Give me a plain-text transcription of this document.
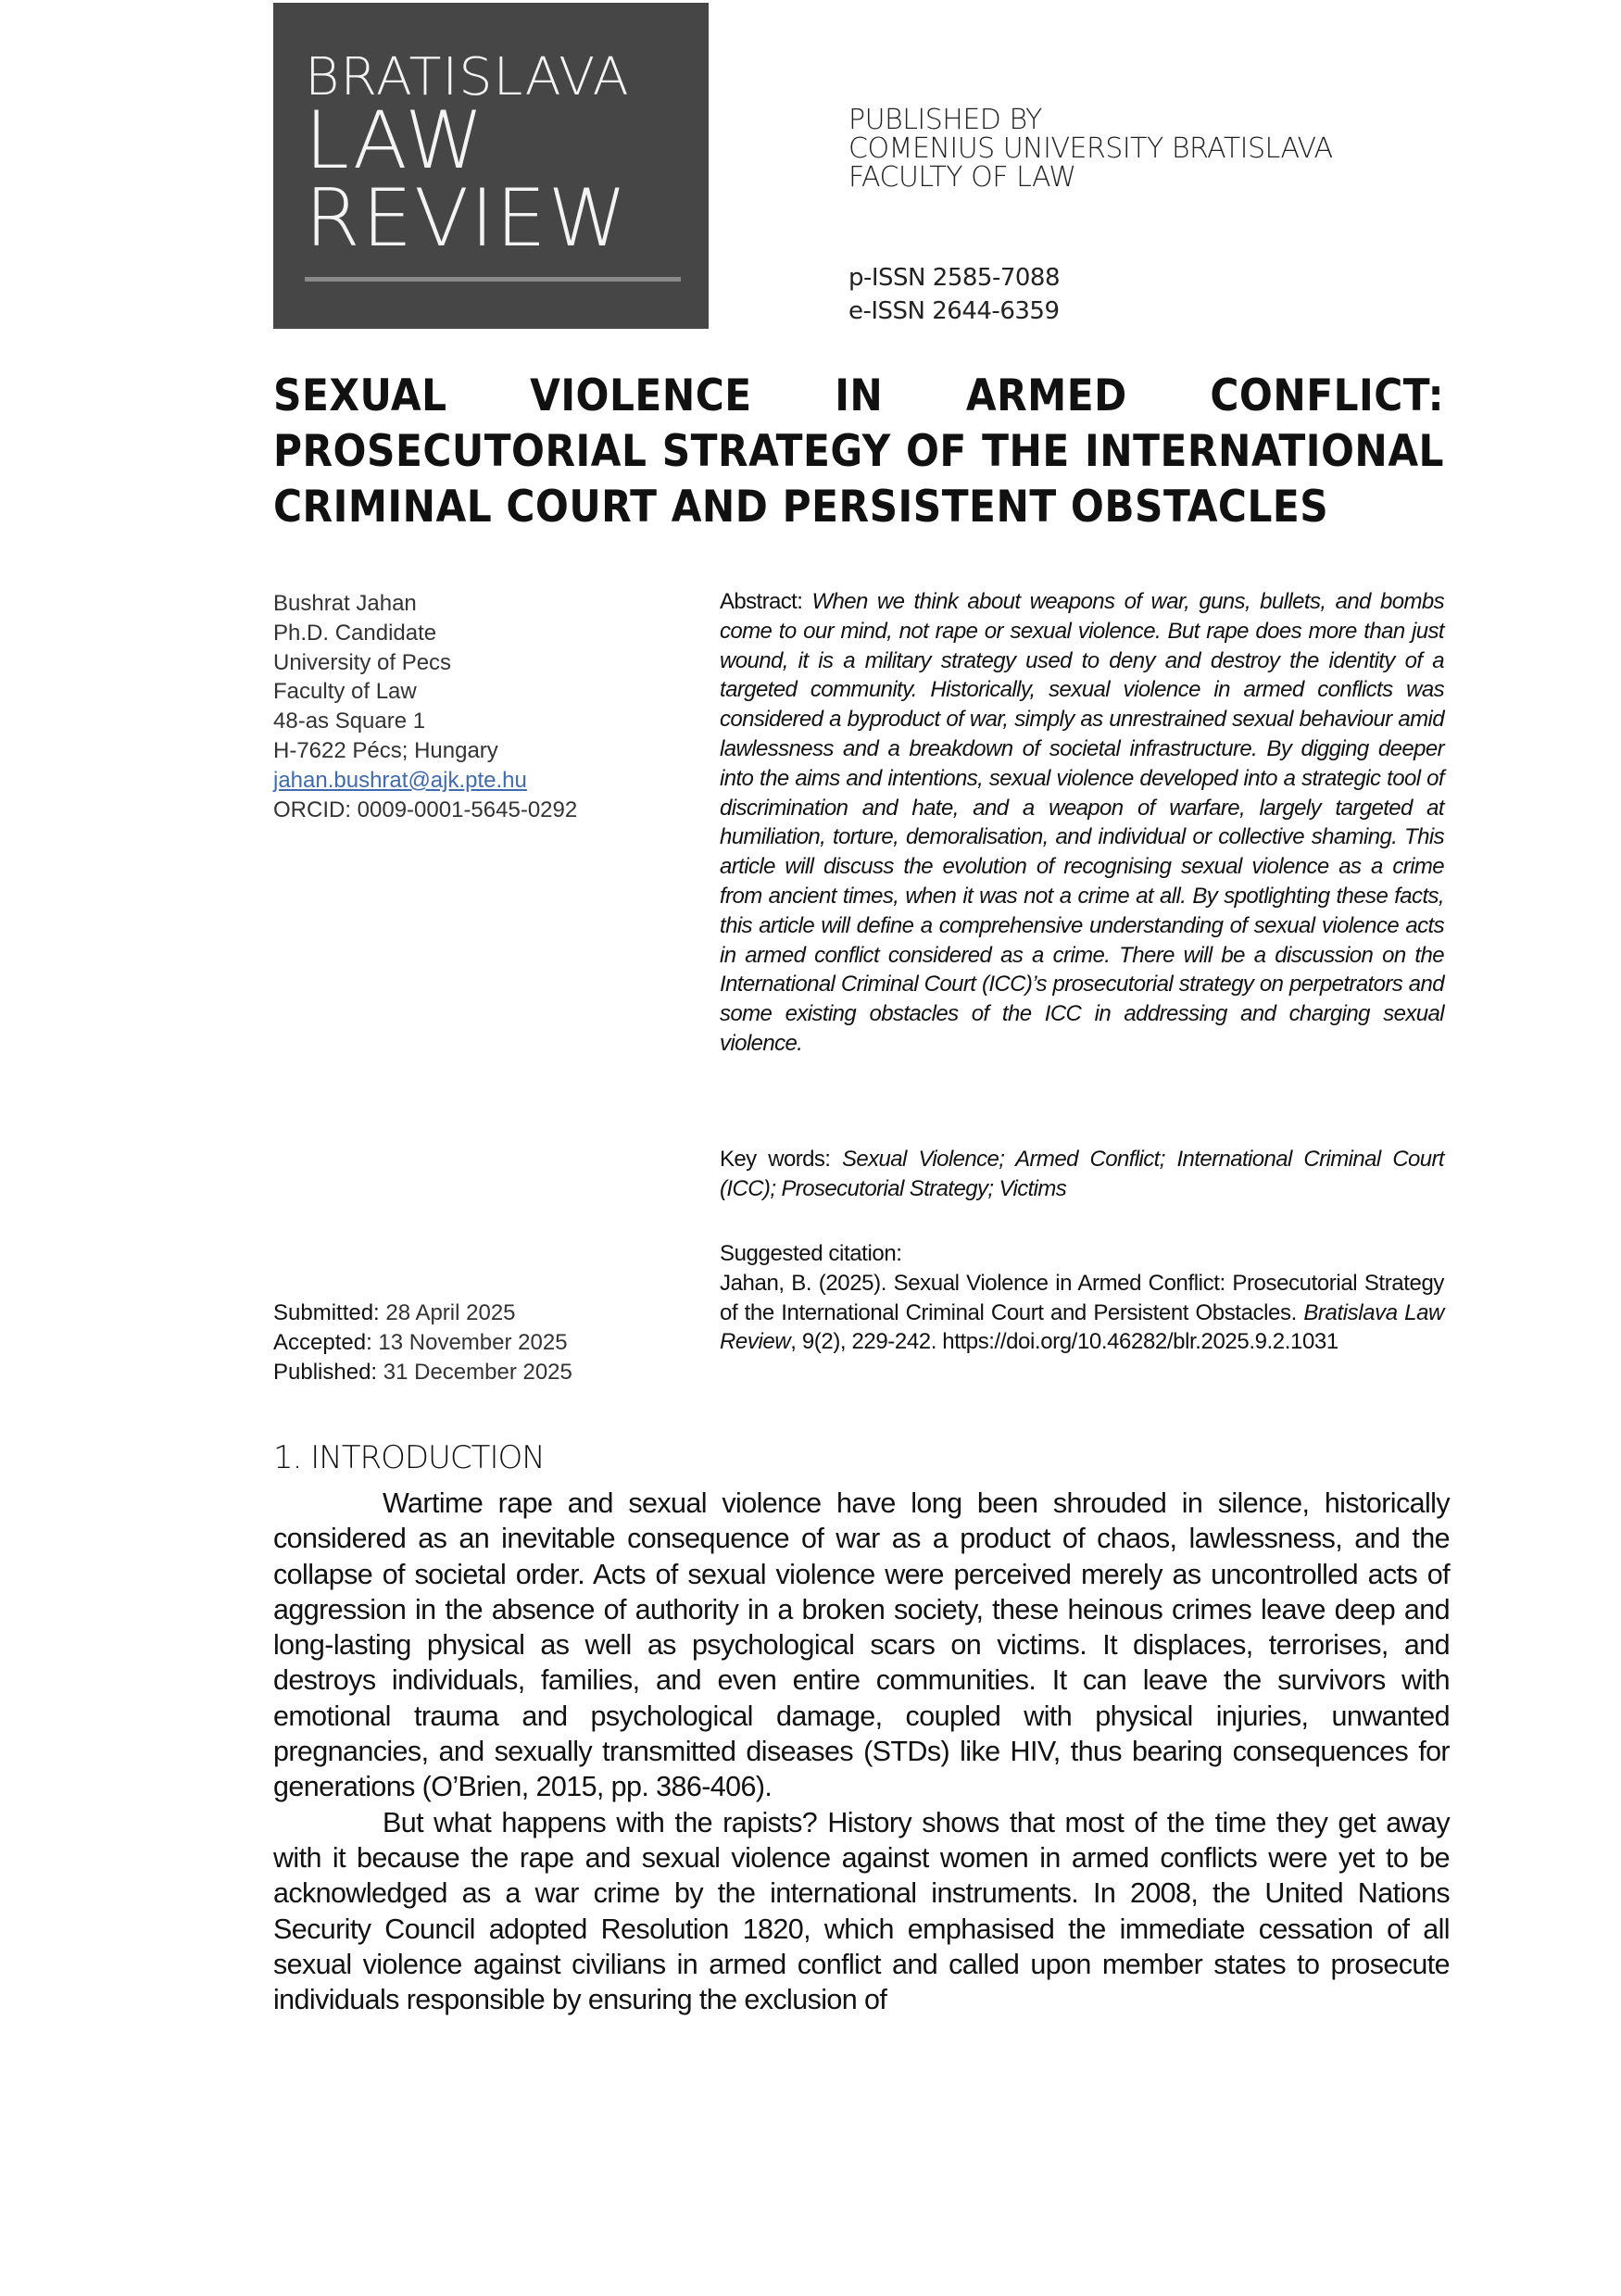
BRATISLAVA
LAW
REVIEW
PUBLISHED BY
COMENIUS UNIVERSITY BRATISLAVA
FACULTY OF LAW
p-ISSN 2585-7088
e-ISSN 2644-6359
SEXUAL VIOLENCE IN ARMED CONFLICT:
PROSECUTORIAL STRATEGY OF THE INTERNATIONAL
CRIMINAL COURT AND PERSISTENT OBSTACLES
Bushrat Jahan
Ph.D. Candidate
University of Pecs
Faculty of Law
48-as Square 1
H-7622 Pécs; Hungary
jahan.bushrat@ajk.pte.hu
ORCID: 0009-0001-5645-0292
Abstract: When we think about weapons of war, guns, bullets, and bombs come to our mind, not rape or sexual violence. But rape does more than just wound, it is a military strategy used to deny and destroy the identity of a targeted community. Historically, sexual violence in armed conflicts was considered a byproduct of war, simply as unrestrained sexual behaviour amid lawlessness and a breakdown of societal infrastructure. By digging deeper into the aims and intentions, sexual violence developed into a strategic tool of discrimination and hate, and a weapon of warfare, largely targeted at humiliation, torture, demoralisation, and individual or collective shaming. This article will discuss the evolution of recognising sexual violence as a crime from ancient times, when it was not a crime at all. By spotlighting these facts, this article will define a comprehensive understanding of sexual violence acts in armed conflict considered as a crime. There will be a discussion on the International Criminal Court (ICC)’s prosecutorial strategy on perpetrators and some existing obstacles of the ICC in addressing and charging sexual violence.
Key words: Sexual Violence; Armed Conflict; International Criminal Court (ICC); Prosecutorial Strategy; Victims
Suggested citation:
Jahan, B. (2025). Sexual Violence in Armed Conflict: Prosecutorial Strategy of the International Criminal Court and Persistent Obstacles. Bratislava Law Review, 9(2), 229-242. https://doi.org/10.46282/blr.2025.9.2.1031
Submitted: 28 April 2025
Accepted: 13 November 2025
Published: 31 December 2025
1. INTRODUCTION

Wartime rape and sexual violence have long been shrouded in silence, historically considered as an inevitable consequence of war as a product of chaos, lawlessness, and the collapse of societal order. Acts of sexual violence were perceived merely as uncontrolled acts of aggression in the absence of authority in a broken society, these heinous crimes leave deep and long-lasting physical as well as psychological scars on victims. It displaces, terrorises, and destroys individuals, families, and even entire communities. It can leave the survivors with emotional trauma and psychological damage, coupled with physical injuries, unwanted pregnancies, and sexually transmitted diseases (STDs) like HIV, thus bearing consequences for generations (O’Brien, 2015, pp. 386-406).

But what happens with the rapists? History shows that most of the time they get away with it because the rape and sexual violence against women in armed conflicts were yet to be acknowledged as a war crime by the international instruments. In 2008, the United Nations Security Council adopted Resolution 1820, which emphasised the immediate cessation of all sexual violence against civilians in armed conflict and called upon member states to prosecute individuals responsible by ensuring the exclusion of
